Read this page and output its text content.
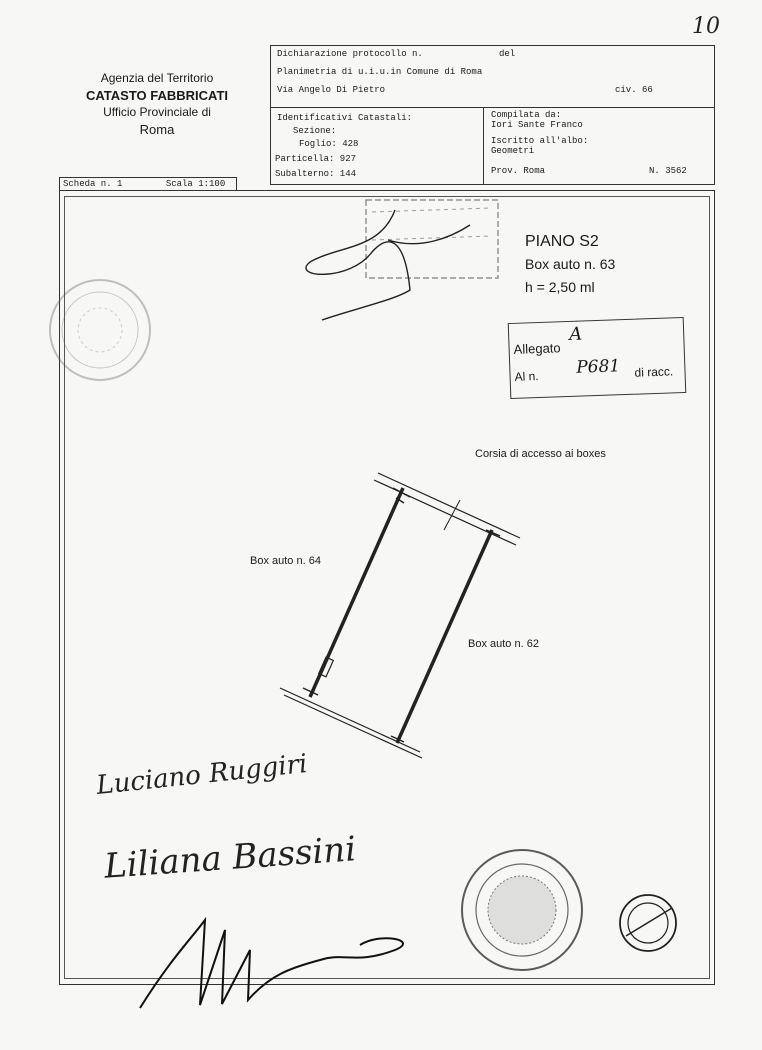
10
Agenzia del Territorio
CATASTO FABBRICATI
Ufficio Provinciale di
Roma
Dichiarazione protocollo n.	del
Planimetria di u.i.u.in Comune di Roma
Via Angelo Di Pietro	civ. 66
Identificativi Catastali:
Sezione:
Foglio: 428
Particella: 927
Subalterno: 144
Compilata da:
Iori Sante Franco
Iscritto all'albo:
Geometri
Prov. Roma	N. 3562
Scheda n. 1	Scala 1:100
PIANO S2
Box auto n. 63
h = 2,50 ml
Allegato
A
Al n. P681 di racc.
Corsia di accesso ai boxes
Box auto n. 64
Box auto n. 62
Luciano Ruggiri
Liliana Bassini
